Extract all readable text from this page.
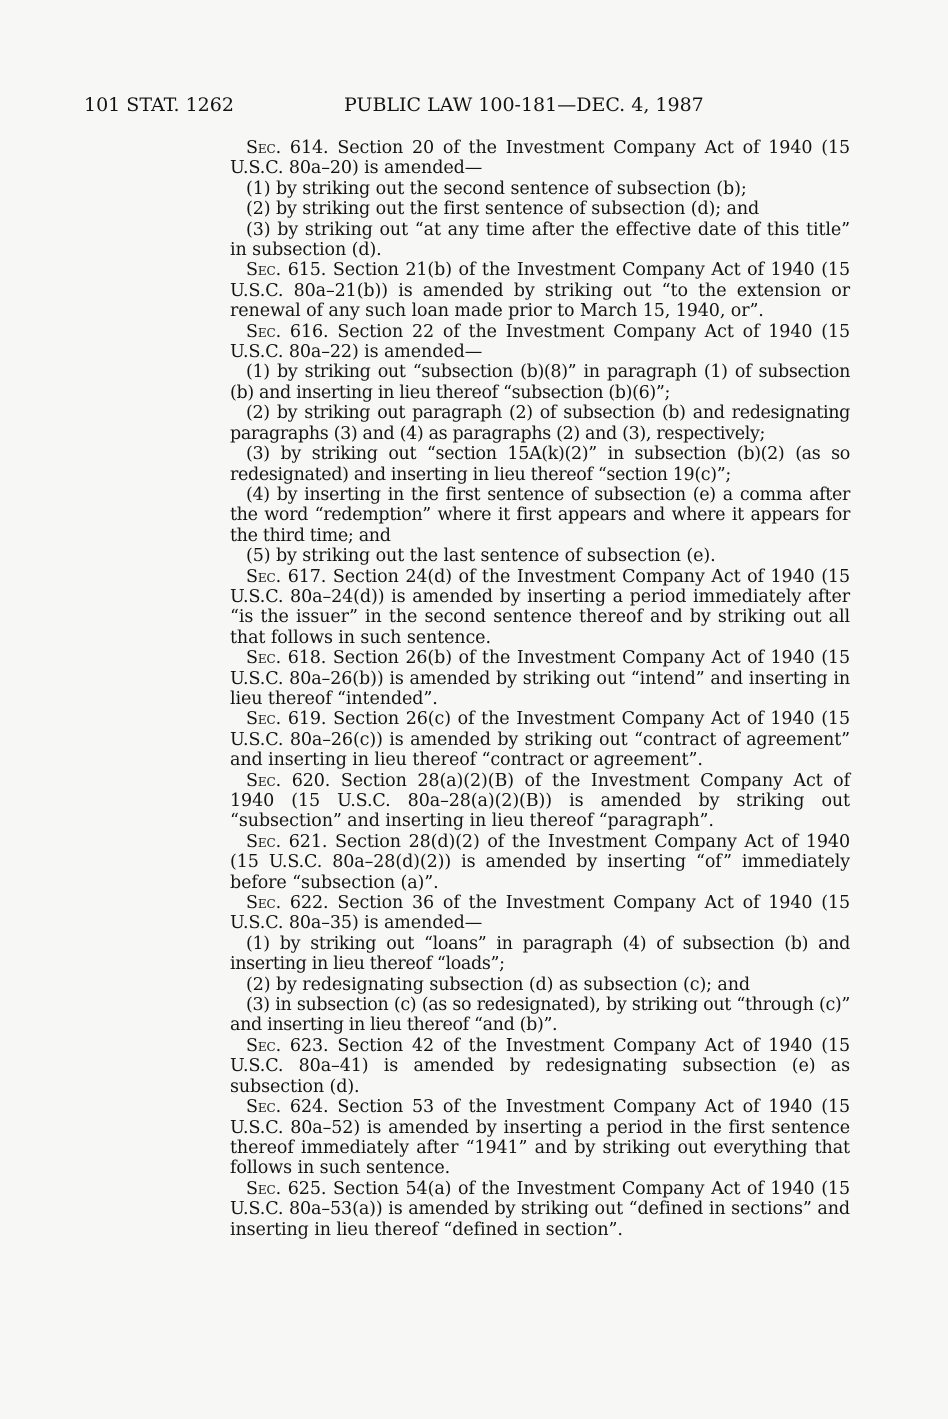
101 STAT. 1262	PUBLIC LAW 100-181—DEC. 4, 1987

Sec. 614. Section 20 of the Investment Company Act of 1940 (15 U.S.C. 80a–20) is amended—

(1) by striking out the second sentence of subsection (b);

(2) by striking out the first sentence of subsection (d); and

(3) by striking out “at any time after the effective date of this title” in subsection (d).

Sec. 615. Section 21(b) of the Investment Company Act of 1940 (15 U.S.C. 80a–21(b)) is amended by striking out “to the extension or renewal of any such loan made prior to March 15, 1940, or”.

Sec. 616. Section 22 of the Investment Company Act of 1940 (15 U.S.C. 80a–22) is amended—

(1) by striking out “subsection (b)(8)” in paragraph (1) of subsection (b) and inserting in lieu thereof “subsection (b)(6)”;

(2) by striking out paragraph (2) of subsection (b) and redesignating paragraphs (3) and (4) as paragraphs (2) and (3), respectively;

(3) by striking out “section 15A(k)(2)” in subsection (b)(2) (as so redesignated) and inserting in lieu thereof “section 19(c)”;

(4) by inserting in the first sentence of subsection (e) a comma after the word “redemption” where it first appears and where it appears for the third time; and

(5) by striking out the last sentence of subsection (e).

Sec. 617. Section 24(d) of the Investment Company Act of 1940 (15 U.S.C. 80a–24(d)) is amended by inserting a period immediately after “is the issuer” in the second sentence thereof and by striking out all that follows in such sentence.

Sec. 618. Section 26(b) of the Investment Company Act of 1940 (15 U.S.C. 80a–26(b)) is amended by striking out “intend” and inserting in lieu thereof “intended”.

Sec. 619. Section 26(c) of the Investment Company Act of 1940 (15 U.S.C. 80a–26(c)) is amended by striking out “contract of agreement” and inserting in lieu thereof “contract or agreement”.

Sec. 620. Section 28(a)(2)(B) of the Investment Company Act of 1940 (15 U.S.C. 80a–28(a)(2)(B)) is amended by striking out “subsection” and inserting in lieu thereof “paragraph”.

Sec. 621. Section 28(d)(2) of the Investment Company Act of 1940 (15 U.S.C. 80a–28(d)(2)) is amended by inserting “of” immediately before “subsection (a)”.

Sec. 622. Section 36 of the Investment Company Act of 1940 (15 U.S.C. 80a–35) is amended—

(1) by striking out “loans” in paragraph (4) of subsection (b) and inserting in lieu thereof “loads”;

(2) by redesignating subsection (d) as subsection (c); and

(3) in subsection (c) (as so redesignated), by striking out “through (c)” and inserting in lieu thereof “and (b)”.

Sec. 623. Section 42 of the Investment Company Act of 1940 (15 U.S.C. 80a–41) is amended by redesignating subsection (e) as subsection (d).

Sec. 624. Section 53 of the Investment Company Act of 1940 (15 U.S.C. 80a–52) is amended by inserting a period in the first sentence thereof immediately after “1941” and by striking out everything that follows in such sentence.

Sec. 625. Section 54(a) of the Investment Company Act of 1940 (15 U.S.C. 80a–53(a)) is amended by striking out “defined in sections” and inserting in lieu thereof “defined in section”.
